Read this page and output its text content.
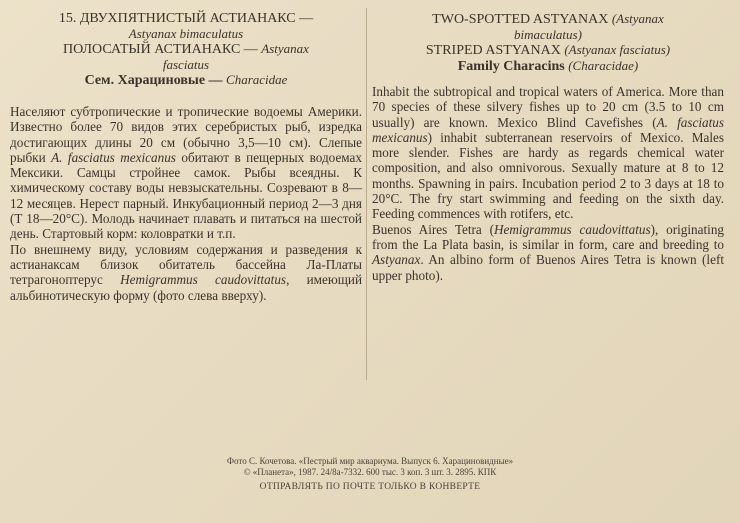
15. ДВУХПЯТНИСТЫЙ АСТИАНАКС —
Astyanax bimaculatus
ПОЛОСАТЫЙ АСТИАНАКС — Astyanax
fasciatus
Сем. Харациновые — Characidae

Населяют субтропические и тропические водоемы Америки. Известно более 70 видов этих серебристых рыб, изредка достигающих длины 20 см (обычно 3,5—10 см). Слепые рыбки A. fasciatus mexicanus обитают в пещерных водоемах Мексики. Самцы стройнее самок. Рыбы всеядны. К химическому составу воды невзыскательны. Созревают в 8—12 месяцев. Нерест парный. Инкубационный период 2—3 дня (Т 18—20°С). Молодь начинает плавать и питаться на шестой день. Стартовый корм: коловратки и т.п.

По внешнему виду, условиям содержания и разведения к астианаксам близок обитатель бассейна Ла-Платы тетрагоноптерус Hemigrammus caudovittatus, имеющий альбинотическую форму (фото слева вверху).

TWO-SPOTTED ASTYANAX (Astyanax
bimaculatus)
STRIPED ASTYANAX (Astyanax fasciatus)
Family Characins (Characidae)

Inhabit the subtropical and tropical waters of America. More than 70 species of these silvery fishes up to 20 cm (3.5 to 10 cm usually) are known. Mexico Blind Cavefishes (A. fasciatus mexicanus) inhabit subterranean reservoirs of Mexico. Males more slender. Fishes are hardy as regards chemical water composition, and also omnivorous. Sexually mature at 8 to 12 months. Spawning in pairs. Incubation period 2 to 3 days at 18 to 20°C. The fry start swimming and feeding on the sixth day. Feeding commences with rotifers, etc.

Buenos Aires Tetra (Hemigrammus caudovittatus), originating from the La Plata basin, is similar in form, care and breeding to Astyanax. An albino form of Buenos Aires Tetra is known (left upper photo).

Фото С. Кочетова. «Пестрый мир аквариума. Выпуск 6. Харациновидные»
© «Планета», 1987. 24/8а-7332. 600 тыс. 3 коп. 3 шт. 3. 2895. КПК
ОТПРАВЛЯТЬ ПО ПОЧТЕ ТОЛЬКО В КОНВЕРТЕ
